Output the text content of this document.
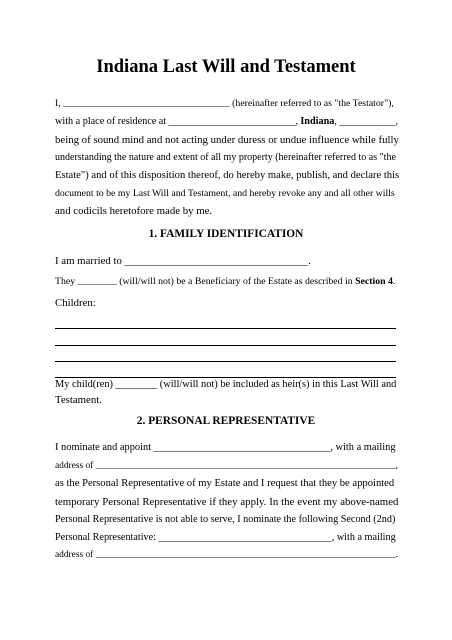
Indiana Last Will and Testament
I, __________________________________ (hereinafter referred to as "the Testator"),
with a place of residence at _________________________, Indiana, ___________,
being of sound mind and not acting under duress or undue influence while fully
understanding the nature and extent of all my property (hereinafter referred to as "the
Estate") and of this disposition thereof, do hereby make, publish, and declare this
document to be my Last Will and Testament, and hereby revoke any and all other wills
and codicils heretofore made by me.
1. FAMILY IDENTIFICATION
I am married to __________________________________.
They ________ (will/will not) be a Beneficiary of the Estate as described in Section 4.
Children:
My child(ren) ________ (will/will not) be included as heir(s) in this Last Will and
Testament.
2. PERSONAL REPRESENTATIVE
I nominate and appoint __________________________________, with a mailing
address of ________________________________________________________________,
as the Personal Representative of my Estate and I request that they be appointed
temporary Personal Representative if they apply. In the event my above-named
Personal Representative is not able to serve, I nominate the following Second (2nd)
Personal Representative: __________________________________, with a mailing
address of ________________________________________________________________.
